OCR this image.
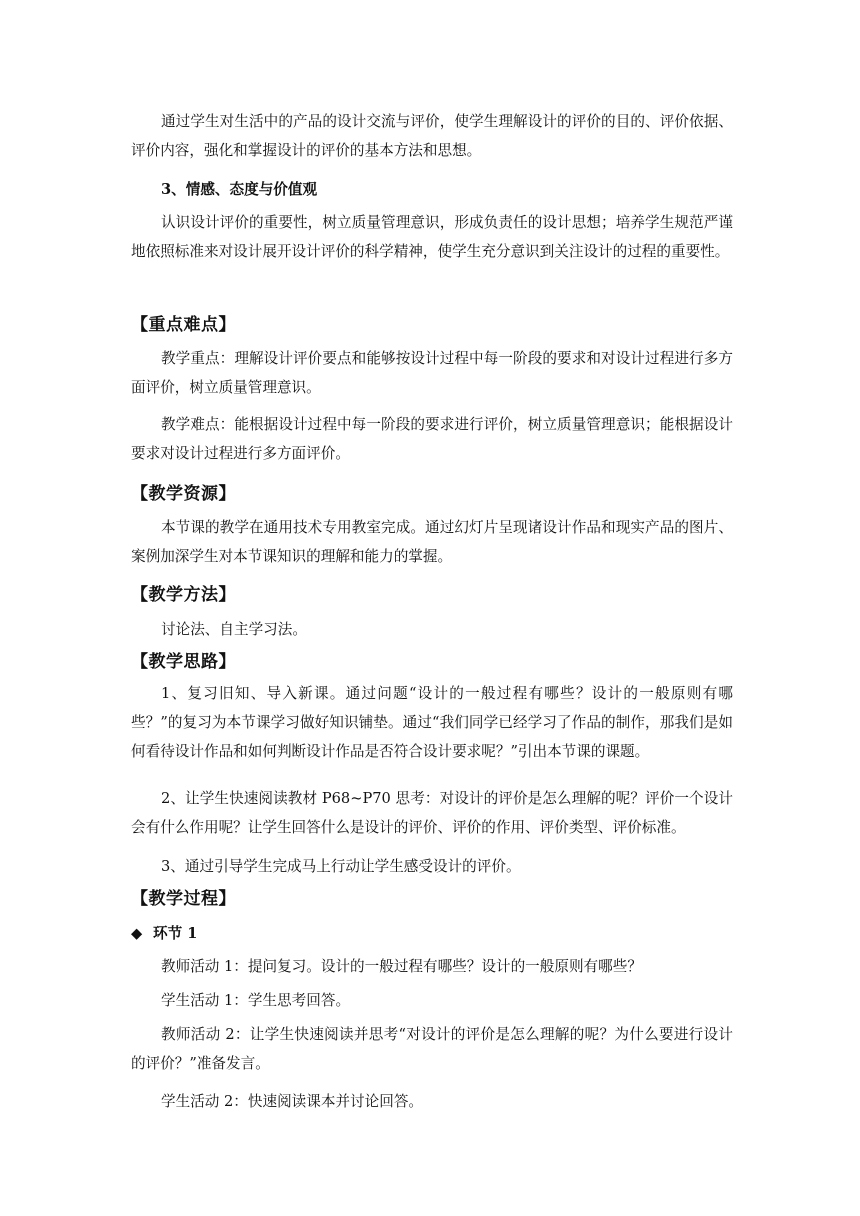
通过学生对生活中的产品的设计交流与评价，使学生理解设计的评价的目的、评价依据、评价内容，强化和掌握设计的评价的基本方法和思想。

3、情感、态度与价值观

认识设计评价的重要性，树立质量管理意识，形成负责任的设计思想；培养学生规范严谨地依照标准来对设计展开设计评价的科学精神，使学生充分意识到关注设计的过程的重要性。

【重点难点】

教学重点：理解设计评价要点和能够按设计过程中每一阶段的要求和对设计过程进行多方面评价，树立质量管理意识。

教学难点：能根据设计过程中每一阶段的要求进行评价，树立质量管理意识；能根据设计要求对设计过程进行多方面评价。

【教学资源】

本节课的教学在通用技术专用教室完成。通过幻灯片呈现诸设计作品和现实产品的图片、案例加深学生对本节课知识的理解和能力的掌握。

【教学方法】

讨论法、自主学习法。

【教学思路】

1、复习旧知、导入新课。通过问题“设计的一般过程有哪些？设计的一般原则有哪些？”的复习为本节课学习做好知识铺垫。通过“我们同学已经学习了作品的制作，那我们是如何看待设计作品和如何判断设计作品是否符合设计要求呢？”引出本节课的课题。

2、让学生快速阅读教材 P68~P70 思考：对设计的评价是怎么理解的呢？评价一个设计会有什么作用呢？让学生回答什么是设计的评价、评价的作用、评价类型、评价标准。

3、通过引导学生完成马上行动让学生感受设计的评价。

【教学过程】

◆ 环节 1

教师活动 1：提问复习。设计的一般过程有哪些？设计的一般原则有哪些？

学生活动 1：学生思考回答。

教师活动 2：让学生快速阅读并思考“对设计的评价是怎么理解的呢？为什么要进行设计的评价？”准备发言。

学生活动 2：快速阅读课本并讨论回答。
